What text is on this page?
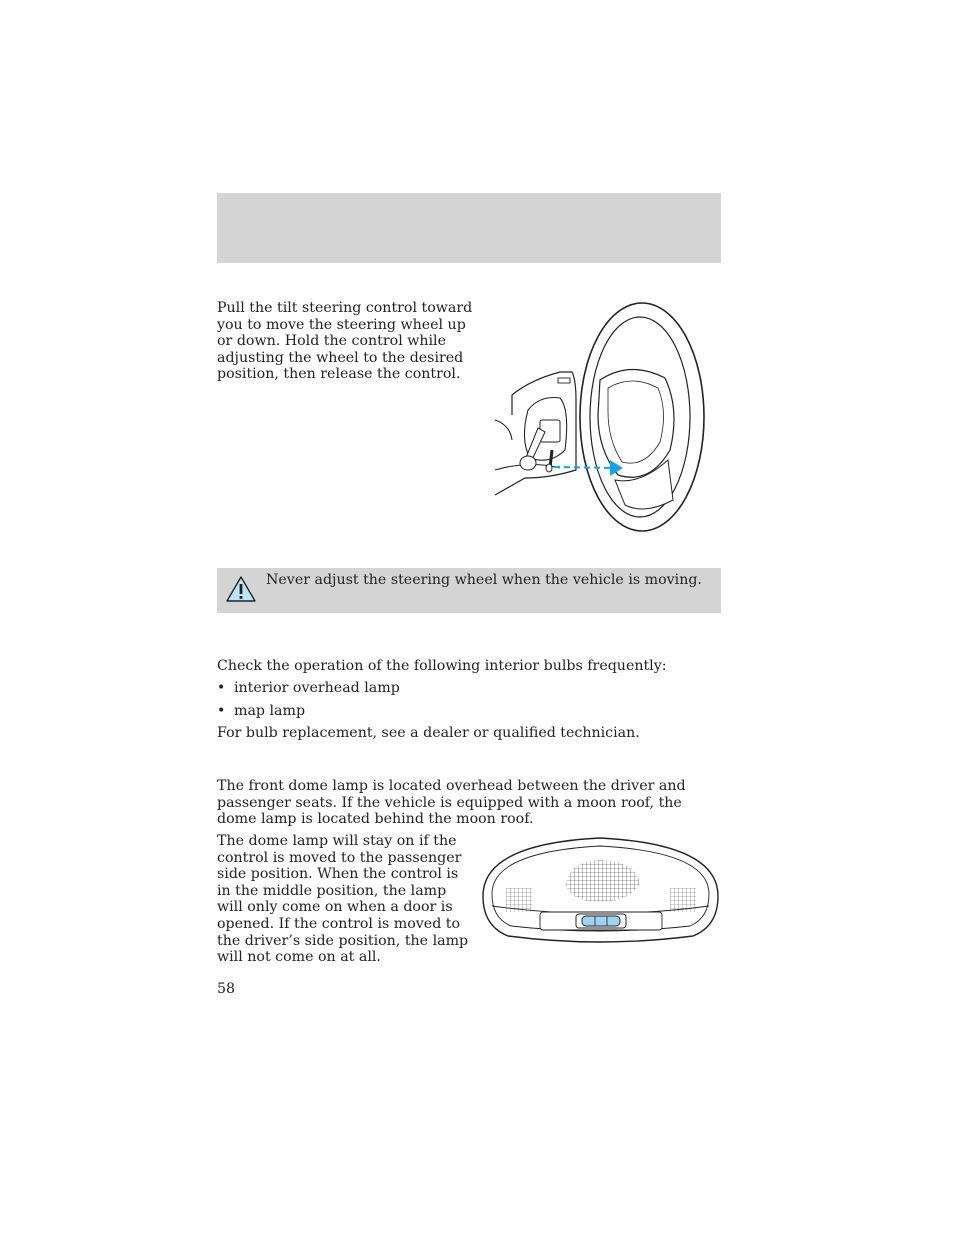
Pull the tilt steering control toward you to move the steering wheel up or down. Hold the control while adjusting the wheel to the desired position, then release the control.

Never adjust the steering wheel when the vehicle is moving.

Check the operation of the following interior bulbs frequently:

• interior overhead lamp
• map lamp

For bulb replacement, see a dealer or qualified technician.

The front dome lamp is located overhead between the driver and passenger seats. If the vehicle is equipped with a moon roof, the dome lamp is located behind the moon roof.

The dome lamp will stay on if the control is moved to the passenger side position. When the control is in the middle position, the lamp will only come on when a door is opened. If the control is moved to the driver’s side position, the lamp will not come on at all.

58
